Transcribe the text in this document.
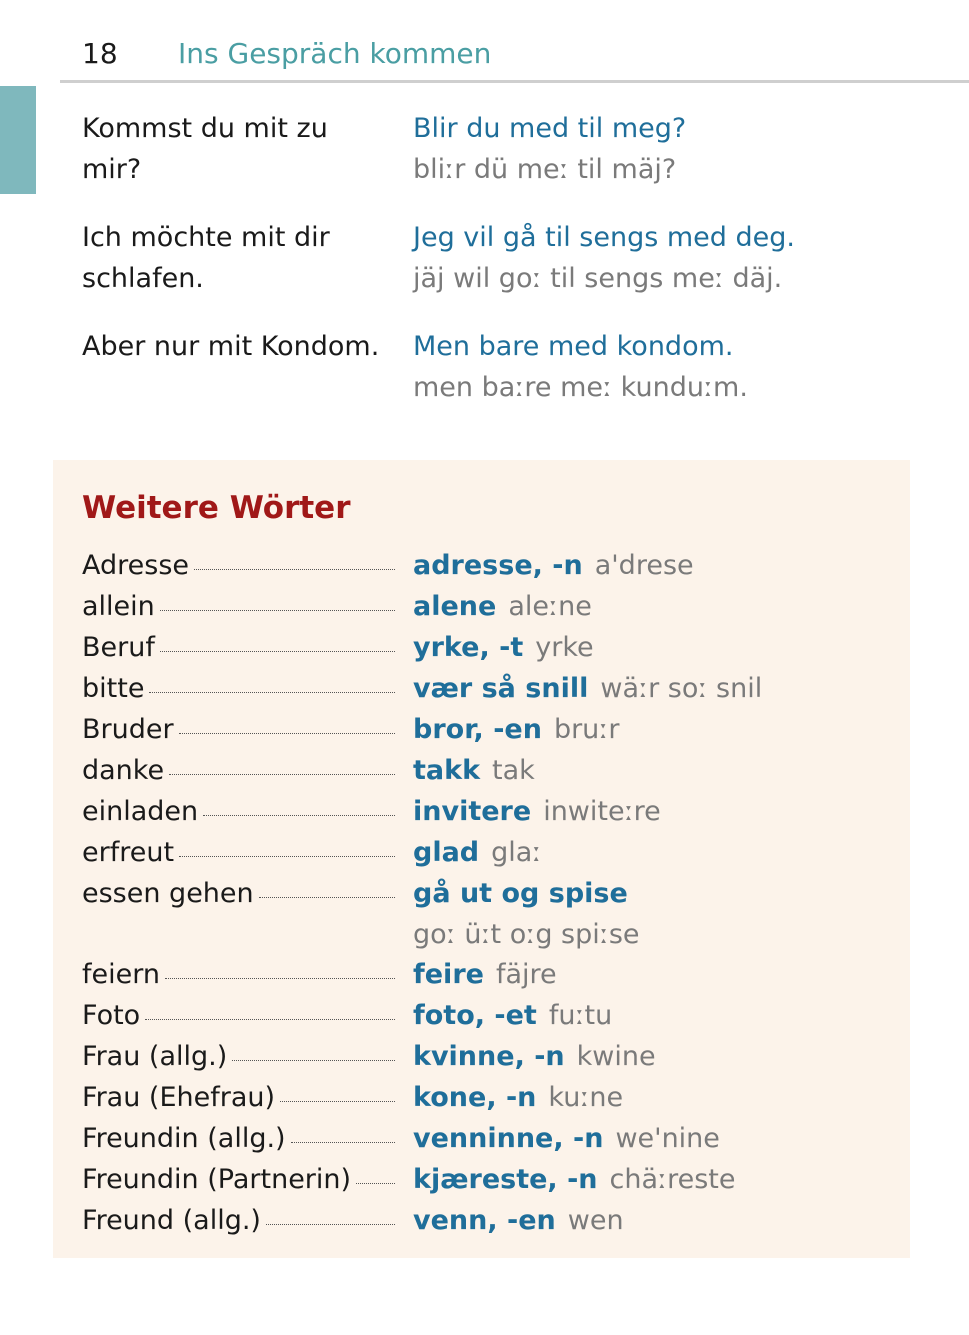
18 Ins Gespräch kommen
Kommst du mit zu mir?
Blir du med til meg?
bliːr dü meː til mäj?
Ich möchte mit dir schlafen.
Jeg vil gå til sengs med deg.
jäj wil goː til sengs meː däj.
Aber nur mit Kondom. Men bare med kondom.
men baːre meː kunduːm.
Weitere Wörter
Adresse	adresse, -n a'drese
allein	alene aleːne
Beruf	yrke, -t yrke
bitte	vær så snill wäːr soː snil
Bruder	bror, -en bruːr
danke	takk tak
einladen	invitere inwiteːre
erfreut	glad glaː
essen gehen	gå ut og spise
goː üːt oːg spiːse
feiern	feire fäjre
Foto	foto, -et fuːtu
Frau (allg.)	kvinne, -n kwine
Frau (Ehefrau)	kone, -n kuːne
Freundin (allg.)	venninne, -n we'nine
Freundin (Partnerin) kjæreste, -n chäːreste
Freund (allg.)	venn, -en wen
